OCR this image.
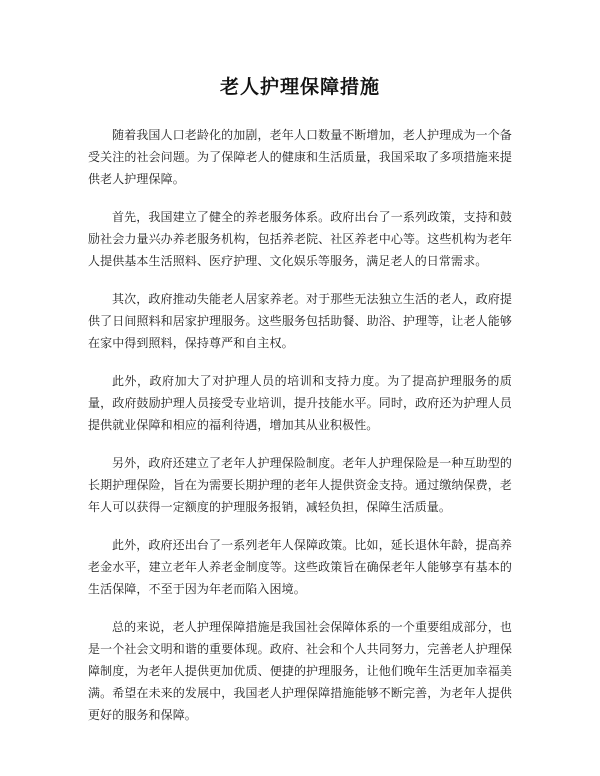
老人护理保障措施

随着我国人口老龄化的加剧，老年人口数量不断增加，老人护理成为一个备受关注的社会问题。为了保障老人的健康和生活质量，我国采取了多项措施来提供老人护理保障。

首先，我国建立了健全的养老服务体系。政府出台了一系列政策，支持和鼓励社会力量兴办养老服务机构，包括养老院、社区养老中心等。这些机构为老年人提供基本生活照料、医疗护理、文化娱乐等服务，满足老人的日常需求。

其次，政府推动失能老人居家养老。对于那些无法独立生活的老人，政府提供了日间照料和居家护理服务。这些服务包括助餐、助浴、护理等，让老人能够在家中得到照料，保持尊严和自主权。

此外，政府加大了对护理人员的培训和支持力度。为了提高护理服务的质量，政府鼓励护理人员接受专业培训，提升技能水平。同时，政府还为护理人员提供就业保障和相应的福利待遇，增加其从业积极性。

另外，政府还建立了老年人护理保险制度。老年人护理保险是一种互助型的长期护理保险，旨在为需要长期护理的老年人提供资金支持。通过缴纳保费，老年人可以获得一定额度的护理服务报销，减轻负担，保障生活质量。

此外，政府还出台了一系列老年人保障政策。比如，延长退休年龄，提高养老金水平，建立老年人养老金制度等。这些政策旨在确保老年人能够享有基本的生活保障，不至于因为年老而陷入困境。

总的来说，老人护理保障措施是我国社会保障体系的一个重要组成部分，也是一个社会文明和谐的重要体现。政府、社会和个人共同努力，完善老人护理保障制度，为老年人提供更加优质、便捷的护理服务，让他们晚年生活更加幸福美满。希望在未来的发展中，我国老人护理保障措施能够不断完善，为老年人提供更好的服务和保障。
